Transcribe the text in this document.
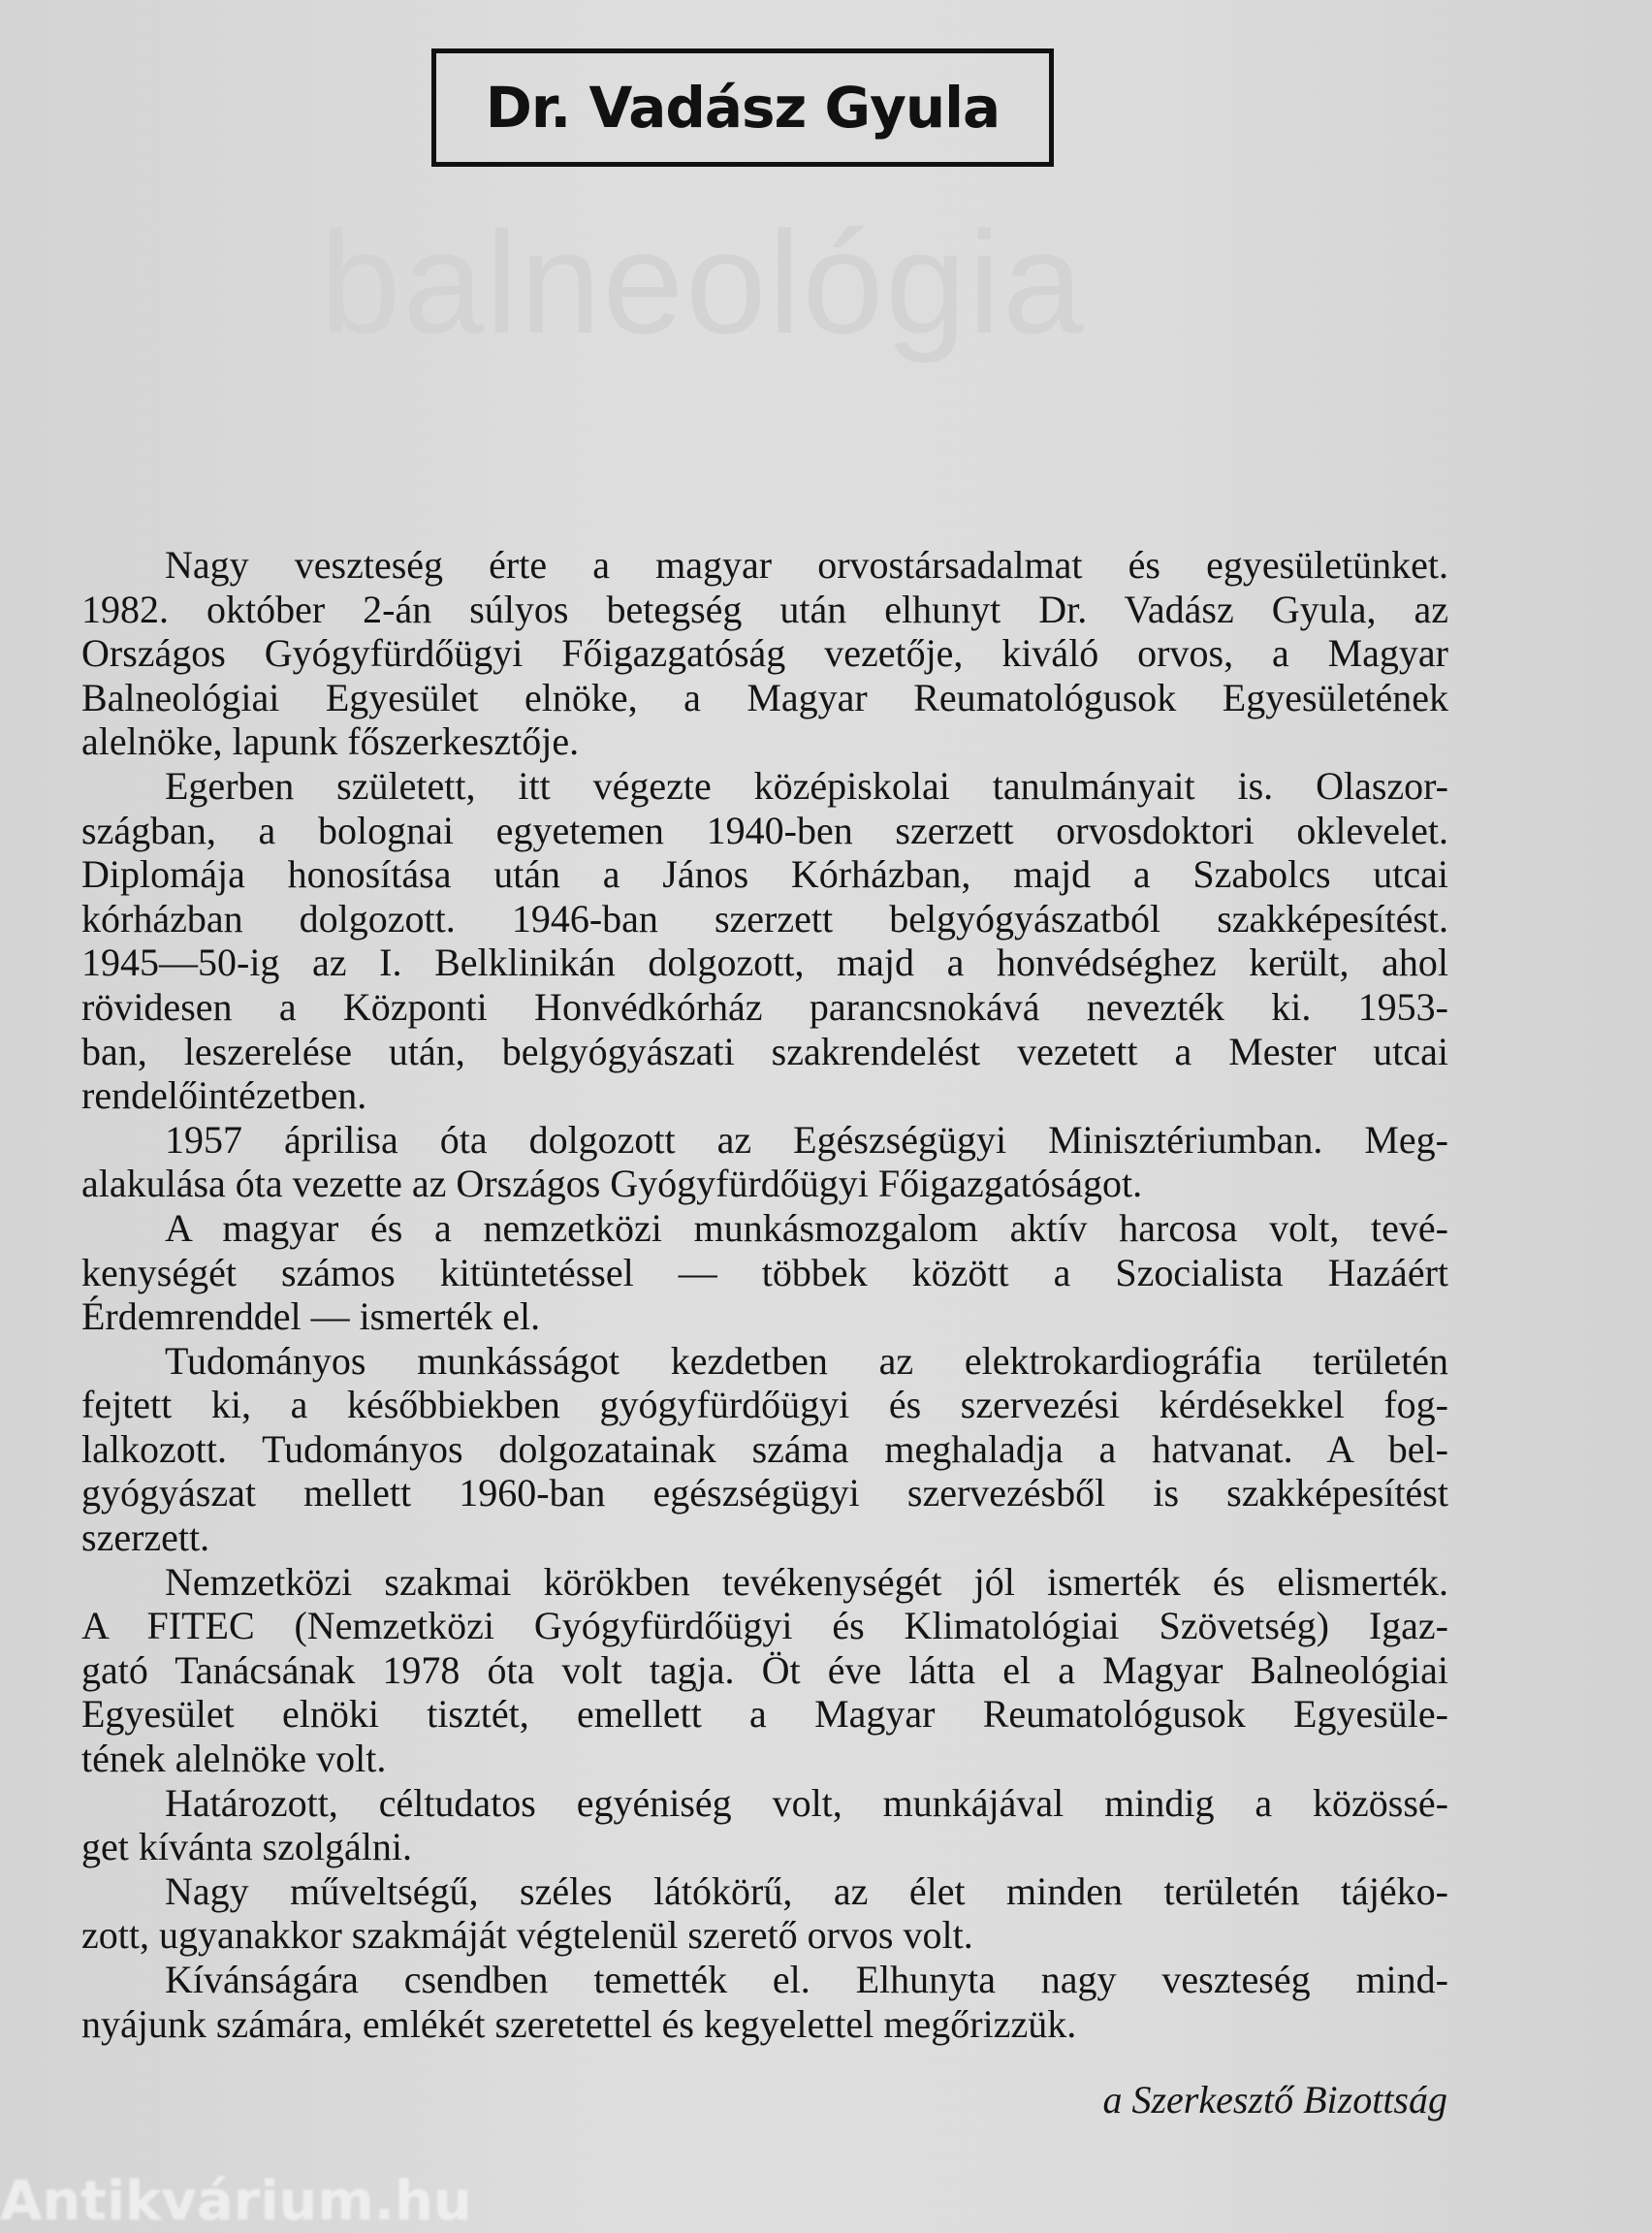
Dr. Vadász Gyula
balneológia
Nagy veszteség érte a magyar orvostársadalmat és egyesületünket.
1982. október 2-án súlyos betegség után elhunyt Dr. Vadász Gyula, az
Országos Gyógyfürdőügyi Főigazgatóság vezetője, kiváló orvos, a Magyar
Balneológiai Egyesület elnöke, a Magyar Reumatológusok Egyesületének
alelnöke, lapunk főszerkesztője.
Egerben született, itt végezte középiskolai tanulmányait is. Olaszor-
szágban, a bolognai egyetemen 1940-ben szerzett orvosdoktori oklevelet.
Diplomája honosítása után a János Kórházban, majd a Szabolcs utcai
kórházban dolgozott. 1946-ban szerzett belgyógyászatból szakképesítést.
1945—50-ig az I. Belklinikán dolgozott, majd a honvédséghez került, ahol
rövidesen a Központi Honvédkórház parancsnokává nevezték ki. 1953-
ban, leszerelése után, belgyógyászati szakrendelést vezetett a Mester utcai
rendelőintézetben.
1957 áprilisa óta dolgozott az Egészségügyi Minisztériumban. Meg-
alakulása óta vezette az Országos Gyógyfürdőügyi Főigazgatóságot.
A magyar és a nemzetközi munkásmozgalom aktív harcosa volt, tevé-
kenységét számos kitüntetéssel — többek között a Szocialista Hazáért
Érdemrenddel — ismerték el.
Tudományos munkásságot kezdetben az elektrokardiográfia területén
fejtett ki, a későbbiekben gyógyfürdőügyi és szervezési kérdésekkel fog-
lalkozott. Tudományos dolgozatainak száma meghaladja a hatvanat. A bel-
gyógyászat mellett 1960-ban egészségügyi szervezésből is szakképesítést
szerzett.
Nemzetközi szakmai körökben tevékenységét jól ismerték és elismerték.
A FITEC (Nemzetközi Gyógyfürdőügyi és Klimatológiai Szövetség) Igaz-
gató Tanácsának 1978 óta volt tagja. Öt éve látta el a Magyar Balneológiai
Egyesület elnöki tisztét, emellett a Magyar Reumatológusok Egyesüle-
tének alelnöke volt.
Határozott, céltudatos egyéniség volt, munkájával mindig a közössé-
get kívánta szolgálni.
Nagy műveltségű, széles látókörű, az élet minden területén tájéko-
zott, ugyanakkor szakmáját végtelenül szerető orvos volt.
Kívánságára csendben temették el. Elhunyta nagy veszteség mind-
nyájunk számára, emlékét szeretettel és kegyelettel megőrizzük.
a Szerkesztő Bizottság
Antikvárium.hu
